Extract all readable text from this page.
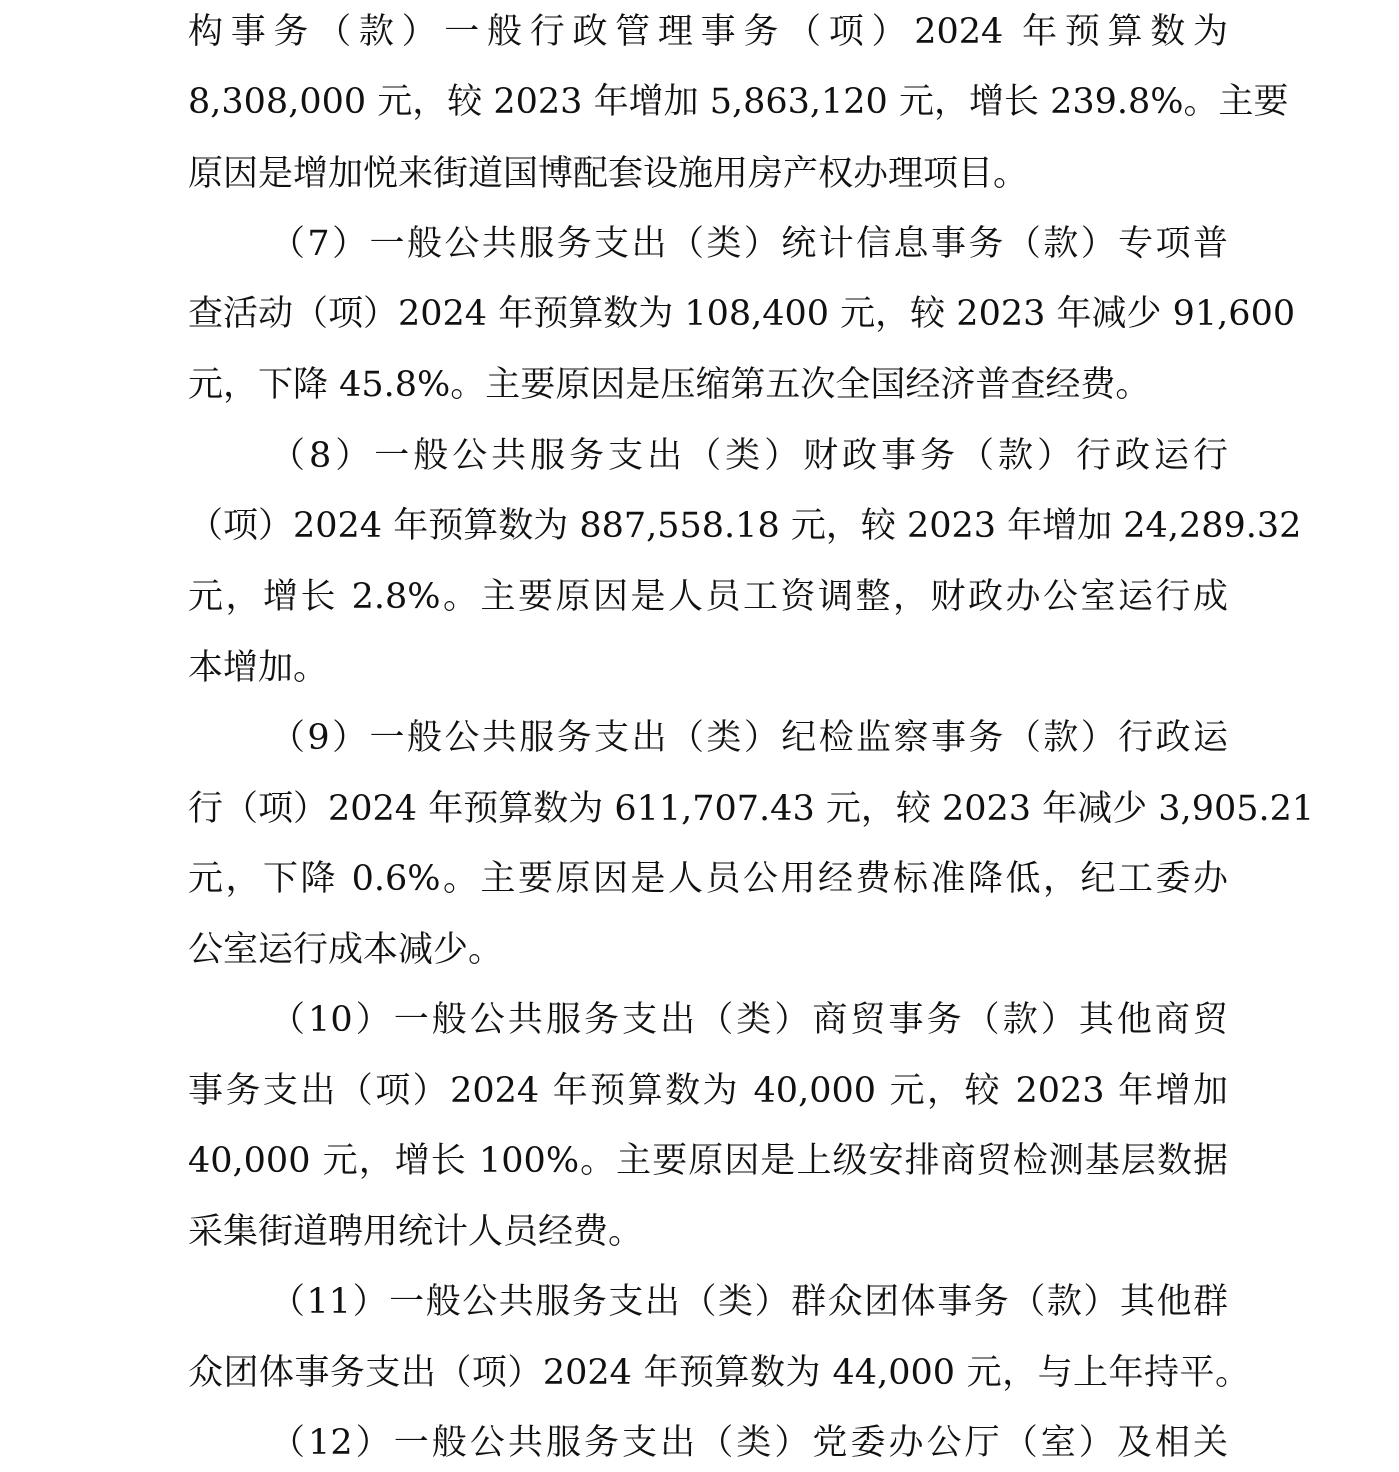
构事务（款）一般行政管理事务（项）2024 年预算数为
8,308,000 元，较 2023 年增加 5,863,120 元，增长 239.8%。主要
原因是增加悦来街道国博配套设施用房产权办理项目。
（7）一般公共服务支出（类）统计信息事务（款）专项普
查活动（项）2024 年预算数为 108,400 元，较 2023 年减少 91,600
元，下降 45.8%。主要原因是压缩第五次全国经济普查经费。
（8）一般公共服务支出（类）财政事务（款）行政运行
（项）2024 年预算数为 887,558.18 元，较 2023 年增加 24,289.32
元，增长 2.8%。主要原因是人员工资调整，财政办公室运行成
本增加。
（9）一般公共服务支出（类）纪检监察事务（款）行政运
行（项）2024 年预算数为 611,707.43 元，较 2023 年减少 3,905.21
元，下降 0.6%。主要原因是人员公用经费标准降低，纪工委办
公室运行成本减少。
（10）一般公共服务支出（类）商贸事务（款）其他商贸
事务支出（项）2024 年预算数为 40,000 元，较 2023 年增加
40,000 元，增长 100%。主要原因是上级安排商贸检测基层数据
采集街道聘用统计人员经费。
（11）一般公共服务支出（类）群众团体事务（款）其他群
众团体事务支出（项）2024 年预算数为 44,000 元，与上年持平。
（12）一般公共服务支出（类）党委办公厅（室）及相关
